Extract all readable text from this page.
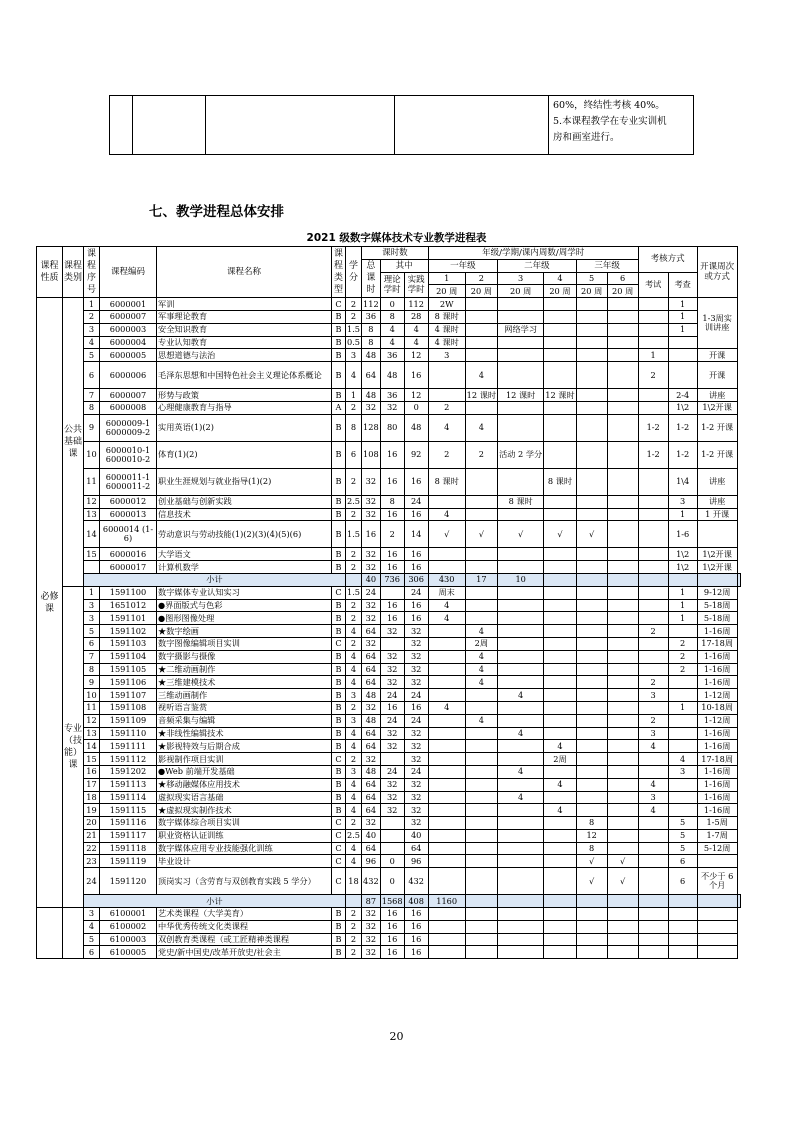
60%，终结性考核 40%。
5.本课程教学在专业实训机
房和画室进行。
七、教学进程总体安排
2021 级数字媒体技术专业教学进程表
课程性质	课程类别	课程序号	课程编码	课程名称	课程类型	学分	课时数			年级/学期/课内周数/周学时						考核方式		开课周次或方式	
							总课时	其中		一年级		二年级		三年级					
								理论学时	实践学时	1	2	3	4	5	6	考试	考查		
										20 周	20 周	20 周	20 周	20 周	20 周				
必修课	公共基础课	1	6000001	军训	C	2	112	0	112	2W							1	1-3周实训讲座	
		2	6000007	军事理论教育	B	2	36	8	28	8 课时							1		
		3	6000003	安全知识教育	B	1.5	8	4	4	4 课时		网络学习					1		
		4	6000004	专业认知教育	B	0.5	8	4	4	4 课时									
		5	6000005	思想道德与法治	B	3	48	36	12	3						1		开课	
		6	6000006	毛泽东思想和中国特色社会主义理论体系概论	B	4	64	48	16		4					2		开课	
		7	6000007	形势与政策	B	1	48	36	12		12 课时	12 课时	12 课时				2-4	讲座	
		8	6000008	心理健康教育与指导	A	2	32	32	0	2							1\2	1\2开课	
		9	6000009-1 6000009-2	实用英语(1)(2)	B	8	128	80	48	4	4					1-2	1-2	1-2 开课	
		10	6000010-1 6000010-2	体育(1)(2)	B	6	108	16	92	2	2	活动 2 学分				1-2	1-2	1-2 开课	
		11	6000011-1 6000011-2	职业生涯规划与就业指导(1)(2)	B	2	32	16	16	8 课时			8 课时				1\4	讲座	
		12	6000012	创业基础与创新实践	B	2.5	32	8	24			8 课时					3	讲座	
		13	6000013	信息技术	B	2	32	16	16	4							1	1 开课	
		14	6000014 (1-6)	劳动意识与劳动技能(1)(2)(3)(4)(5)(6)	B	1.5	16	2	14	√	√	√	√	√			1-6		
		15	6000016	大学语文	B	2	32	16	16								1\2	1\2开课	
			6000017	计算机数学	B	2	32	16	16								1\2	1\2开课	
		小计					40	736	306	430	17	10							
	专业（技能）课	1	1591100	数字媒体专业认知实习	C	1.5	24		24	周末							1	9-12周	
		3	1651012	●界面版式与色彩	B	2	32	16	16	4							1	5-18周	
		3	1591101	●图形图像处理	B	2	32	16	16	4							1	5-18周	
		5	1591102	★数字绘画	B	4	64	32	32		4					2		1-16周	
		6	1591103	数字图像编辑项目实训	C	2	32		32		2周						2	17-18周	
		7	1591104	数字摄影与摄像	B	4	64	32	32		4						2	1-16周	
		8	1591105	★二维动画制作	B	4	64	32	32		4						2	1-16周	
		9	1591106	★三维建模技术	B	4	64	32	32		4					2		1-16周	
		10	1591107	三维动画制作	B	3	48	24	24			4				3		1-12周	
		11	1591108	视听语言鉴赏	B	2	32	16	16	4							1	10-18周	
		12	1591109	音频采集与编辑	B	3	48	24	24		4					2		1-12周	
		13	1591110	★非线性编辑技术	B	4	64	32	32			4				3		1-16周	
		14	1591111	★影视特效与后期合成	B	4	64	32	32				4			4		1-16周	
		15	1591112	影视制作项目实训	C	2	32		32				2周				4	17-18周	
		16	1591202	●Web 前端开发基础	B	3	48	24	24			4					3	1-16周	
		17	1591113	★移动融媒体应用技术	B	4	64	32	32				4			4		1-16周	
		18	1591114	虚拟现实语言基础	B	4	64	32	32			4				3		1-16周	
		19	1591115	★虚拟现实制作技术	B	4	64	32	32				4			4		1-16周	
		20	1591116	数字媒体综合项目实训	C	2	32		32					8			5	1-5周	
		21	1591117	职业资格认证训练	C	2.5	40		40					12			5	1-7周	
		22	1591118	数字媒体应用专业技能强化训练	C	4	64		64					8			5	5-12周	
		23	1591119	毕业设计	C	4	96	0	96					√	√		6		
		24	1591120	顶岗实习（含劳育与双创教育实践 5 学分）	C	18	432	0	432					√	√		6	不少于 6 个月	
		小计					87	1568	408	1160									
		3	6100001	艺术类课程（大学美育）	B	2	32	16	16										
		4	6100002	中华优秀传统文化类课程	B	2	32	16	16										
		5	6100003	双创教育类课程（或工匠精神类课程	B	2	32	16	16										
		6	6100005	党史/新中国史/改革开放史/社会主	B	2	32	16	16										
20
